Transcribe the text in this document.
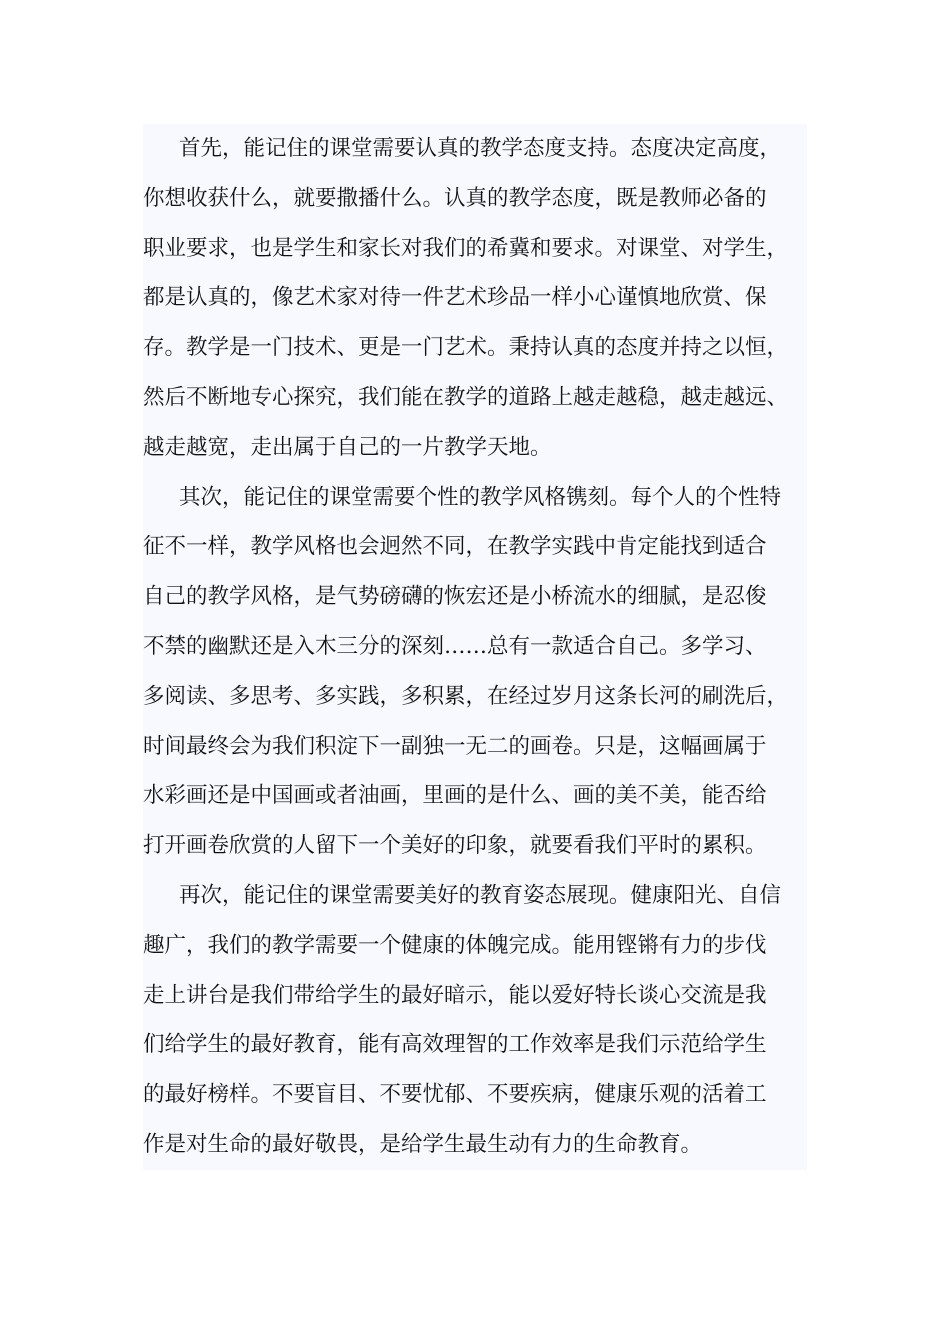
首先，能记住的课堂需要认真的教学态度支持。态度决定高度，
你想收获什么，就要撒播什么。认真的教学态度，既是教师必备的
职业要求，也是学生和家长对我们的希冀和要求。对课堂、对学生，
都是认真的，像艺术家对待一件艺术珍品一样小心谨慎地欣赏、保
存。教学是一门技术、更是一门艺术。秉持认真的态度并持之以恒，
然后不断地专心探究，我们能在教学的道路上越走越稳，越走越远、
越走越宽，走出属于自己的一片教学天地。
其次，能记住的课堂需要个性的教学风格镌刻。每个人的个性特
征不一样，教学风格也会迥然不同，在教学实践中肯定能找到适合
自己的教学风格，是气势磅礴的恢宏还是小桥流水的细腻，是忍俊
不禁的幽默还是入木三分的深刻……总有一款适合自己。多学习、
多阅读、多思考、多实践，多积累，在经过岁月这条长河的刷洗后，
时间最终会为我们积淀下一副独一无二的画卷。只是，这幅画属于
水彩画还是中国画或者油画，里画的是什么、画的美不美，能否给
打开画卷欣赏的人留下一个美好的印象，就要看我们平时的累积。
再次，能记住的课堂需要美好的教育姿态展现。健康阳光、自信
趣广，我们的教学需要一个健康的体魄完成。能用铿锵有力的步伐
走上讲台是我们带给学生的最好暗示，能以爱好特长谈心交流是我
们给学生的最好教育，能有高效理智的工作效率是我们示范给学生
的最好榜样。不要盲目、不要忧郁、不要疾病，健康乐观的活着工
作是对生命的最好敬畏，是给学生最生动有力的生命教育。
